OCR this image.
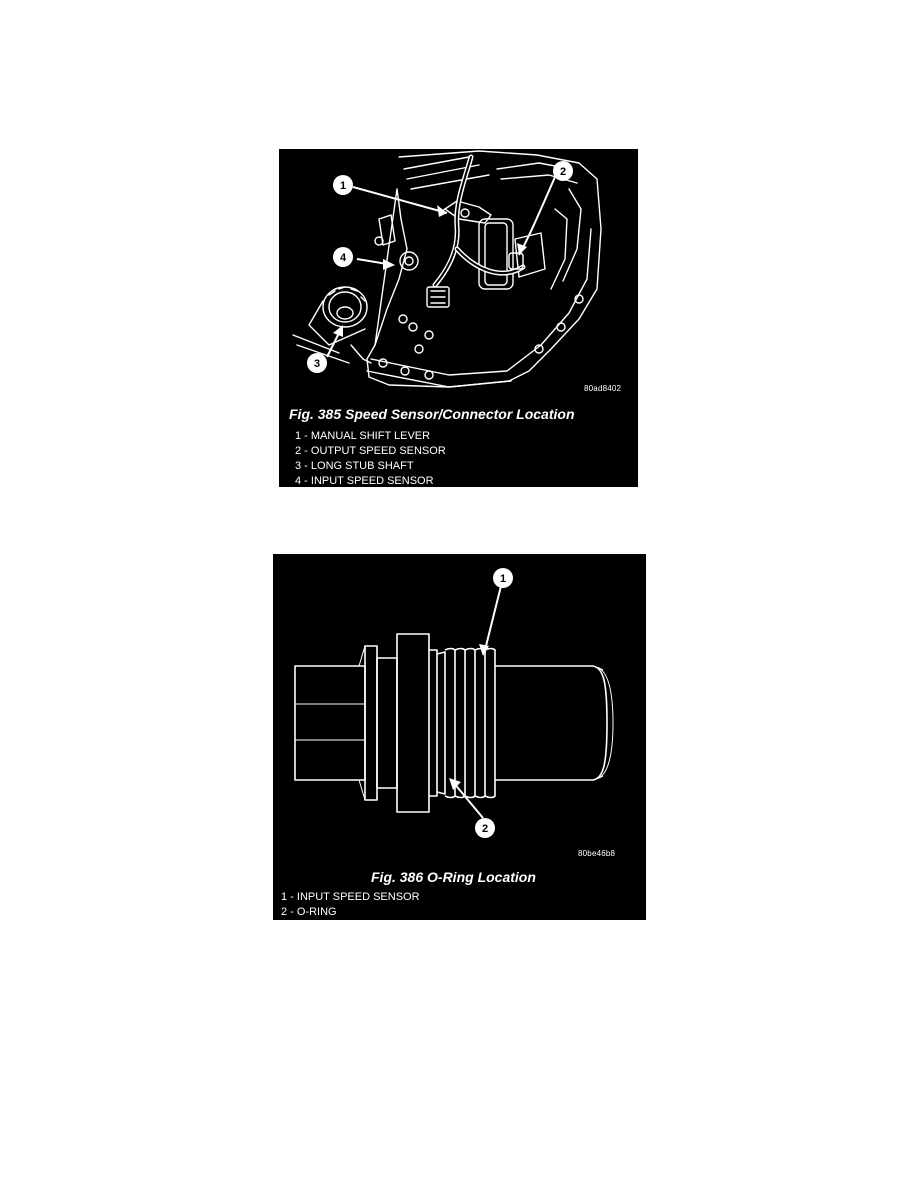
1
2
3
4
80ad8402
Fig. 385 Speed Sensor/Connector Location
1 - MANUAL SHIFT LEVER
2 - OUTPUT SPEED SENSOR
3 - LONG STUB SHAFT
4 - INPUT SPEED SENSOR
1
2
80be46b8
Fig. 386 O-Ring Location
1 - INPUT SPEED SENSOR
2 - O-RING
